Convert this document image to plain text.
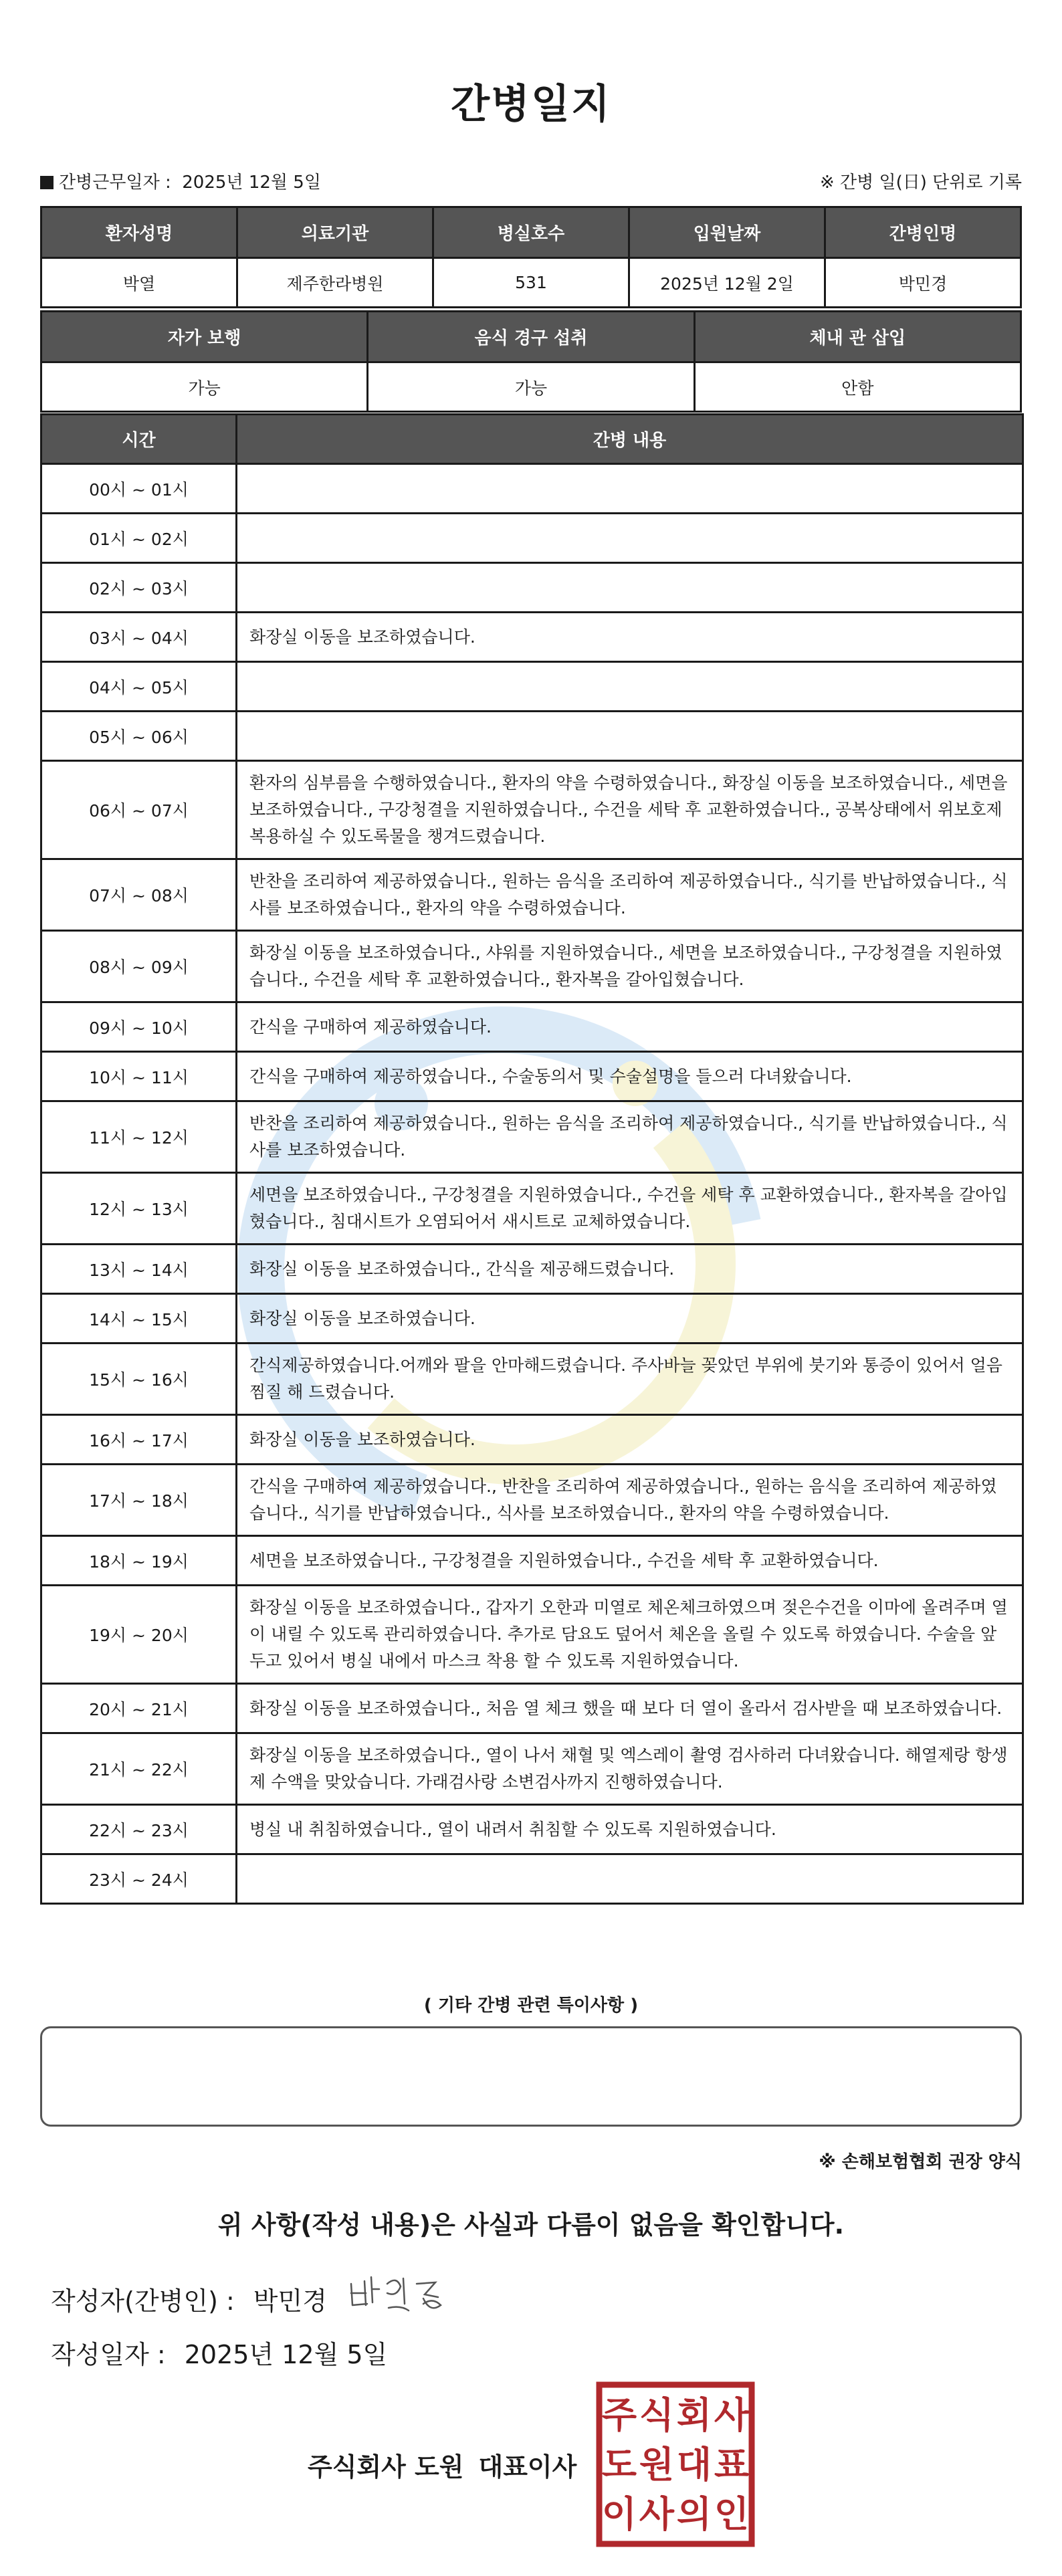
간병일지
간병근무일자 : 2025년 12월 5일	※ 간병 일(日) 단위로 기록
환자성명	의료기관	병실호수	입원날짜	간병인명
박열	제주한라병원	531	2025년 12월 2일	박민경
자가 보행	음식 경구 섭취	체내 관 삽입
가능	가능	안함
시간	간병 내용
00시 ~ 01시	
01시 ~ 02시	
02시 ~ 03시	
03시 ~ 04시	화장실 이동을 보조하였습니다.
04시 ~ 05시	
05시 ~ 06시	
06시 ~ 07시	환자의 심부름을 수행하였습니다., 환자의 약을 수령하였습니다., 화장실 이동을 보조하였습니다., 세면을 보조하였습니다., 구강청결을 지원하였습니다., 수건을 세탁 후 교환하였습니다., 공복상태에서 위보호제 복용하실 수 있도록물을 챙겨드렸습니다.
07시 ~ 08시	반찬을 조리하여 제공하였습니다., 원하는 음식을 조리하여 제공하였습니다., 식기를 반납하였습니다., 식사를 보조하였습니다., 환자의 약을 수령하였습니다.
08시 ~ 09시	화장실 이동을 보조하였습니다., 샤워를 지원하였습니다., 세면을 보조하였습니다., 구강청결을 지원하였습니다., 수건을 세탁 후 교환하였습니다., 환자복을 갈아입혔습니다.
09시 ~ 10시	간식을 구매하여 제공하였습니다.
10시 ~ 11시	간식을 구매하여 제공하였습니다., 수술동의서 및 수술설명을 들으러 다녀왔습니다.
11시 ~ 12시	반찬을 조리하여 제공하였습니다., 원하는 음식을 조리하여 제공하였습니다., 식기를 반납하였습니다., 식사를 보조하였습니다.
12시 ~ 13시	세면을 보조하였습니다., 구강청결을 지원하였습니다., 수건을 세탁 후 교환하였습니다., 환자복을 갈아입혔습니다., 침대시트가 오염되어서 새시트로 교체하였습니다.
13시 ~ 14시	화장실 이동을 보조하였습니다., 간식을 제공해드렸습니다.
14시 ~ 15시	화장실 이동을 보조하였습니다.
15시 ~ 16시	간식제공하였습니다.어깨와 팔을 안마해드렸습니다. 주사바늘 꽂았던 부위에 붓기와 통증이 있어서 얼음찜질 해 드렸습니다.
16시 ~ 17시	화장실 이동을 보조하였습니다.
17시 ~ 18시	간식을 구매하여 제공하였습니다., 반찬을 조리하여 제공하였습니다., 원하는 음식을 조리하여 제공하였습니다., 식기를 반납하였습니다., 식사를 보조하였습니다., 환자의 약을 수령하였습니다.
18시 ~ 19시	세면을 보조하였습니다., 구강청결을 지원하였습니다., 수건을 세탁 후 교환하였습니다.
19시 ~ 20시	화장실 이동을 보조하였습니다., 갑자기 오한과 미열로 체온체크하였으며 젖은수건을 이마에 올려주며 열이 내릴 수 있도록 관리하였습니다. 추가로 담요도 덮어서 체온을 올릴 수 있도록 하였습니다. 수술을 앞두고 있어서 병실 내에서 마스크 착용 할 수 있도록 지원하였습니다.
20시 ~ 21시	화장실 이동을 보조하였습니다., 처음 열 체크 했을 때 보다 더 열이 올라서 검사받을 때 보조하였습니다.
21시 ~ 22시	화장실 이동을 보조하였습니다., 열이 나서 채혈 및 엑스레이 촬영 검사하러 다녀왔습니다. 해열제랑 항생제 수액을 맞았습니다. 가래검사랑 소변검사까지 진행하였습니다.
22시 ~ 23시	병실 내 취침하였습니다., 열이 내려서 취침할 수 있도록 지원하였습니다.
23시 ~ 24시	
( 기타 간병 관련 특이사항 )
※ 손해보험협회 권장 양식
위 사항(작성 내용)은 사실과 다름이 없음을 확인합니다.
작성자(간병인) : 박민경
작성일자 : 2025년 12월 5일
주식회사 도원 대표이사
주 식 회 사
도 원 대 표
이 사 의 인
